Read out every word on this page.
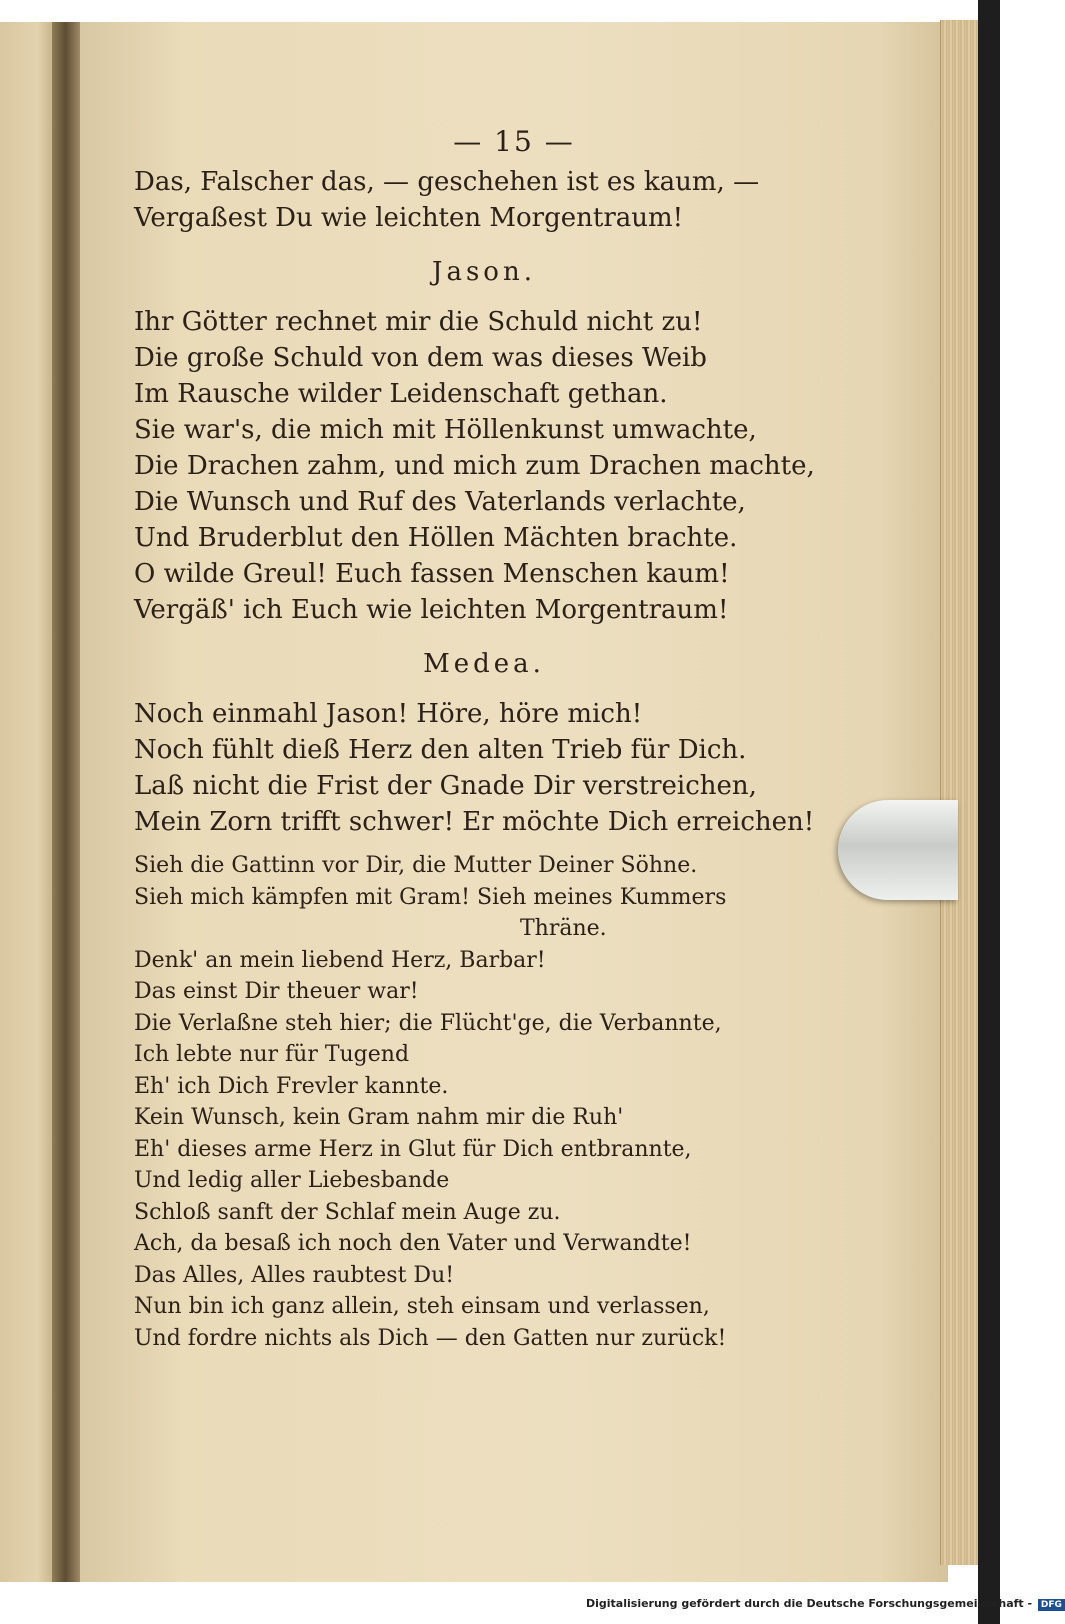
— 15 —
Das, Falscher das, — geschehen ist es kaum, —
Vergaßest Du wie leichten Morgentraum!
Jason.
Ihr Götter rechnet mir die Schuld nicht zu!
Die große Schuld von dem was dieses Weib
Im Rausche wilder Leidenschaft gethan.
Sie war's, die mich mit Höllenkunst umwachte,
Die Drachen zahm, und mich zum Drachen machte,
Die Wunsch und Ruf des Vaterlands verlachte,
Und Bruderblut den Höllen Mächten brachte.
O wilde Greul! Euch fassen Menschen kaum!
Vergäß' ich Euch wie leichten Morgentraum!
Medea.
Noch einmahl Jason! Höre, höre mich!
Noch fühlt dieß Herz den alten Trieb für Dich.
Laß nicht die Frist der Gnade Dir verstreichen,
Mein Zorn trifft schwer! Er möchte Dich erreichen!
Sieh die Gattinn vor Dir, die Mutter Deiner Söhne.
Sieh mich kämpfen mit Gram! Sieh meines Kummers
Thräne.
Denk' an mein liebend Herz, Barbar!
Das einst Dir theuer war!
Die Verlaßne steh hier; die Flücht'ge, die Verbannte,
Ich lebte nur für Tugend
Eh' ich Dich Frevler kannte.
Kein Wunsch, kein Gram nahm mir die Ruh'
Eh' dieses arme Herz in Glut für Dich entbrannte,
Und ledig aller Liebesbande
Schloß sanft der Schlaf mein Auge zu.
Ach, da besaß ich noch den Vater und Verwandte!
Das Alles, Alles raubtest Du!
Nun bin ich ganz allein, steh einsam und verlassen,
Und fordre nichts als Dich — den Gatten nur zurück!
Digitalisierung gefördert durch die Deutsche Forschungsgemeinschaft - DFG
